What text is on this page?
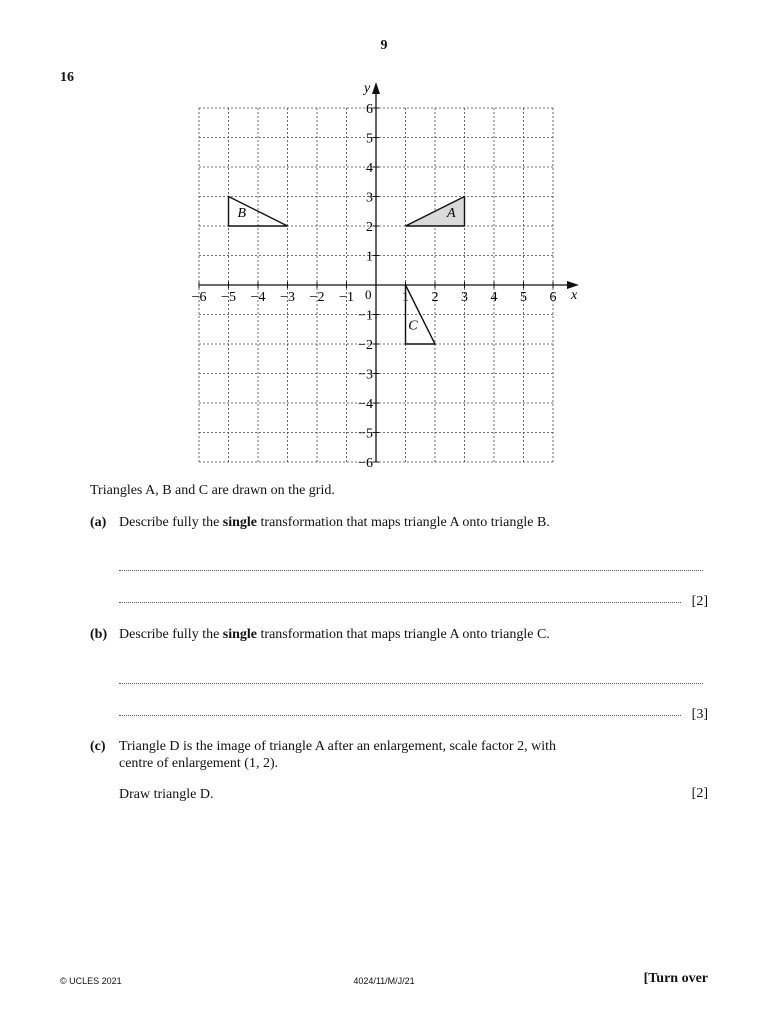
9
16
x
y
0
−6 −5 −4 −3 −2 −1	1 2 3 4 5 6
6
5
4
3
2
1
−1
−2
−3
−4
−5
−6
A
B
C
Triangles A, B and C are drawn on the grid.
(a) Describe fully the single transformation that maps triangle A onto triangle B.
[2]
(b) Describe fully the single transformation that maps triangle A onto triangle C.
[3]
(c) Triangle D is the image of triangle A after an enlargement, scale factor 2, with
centre of enlargement (1, 2).
Draw triangle D.	[2]
© UCLES 2021	4024/11/M/J/21	[Turn over
